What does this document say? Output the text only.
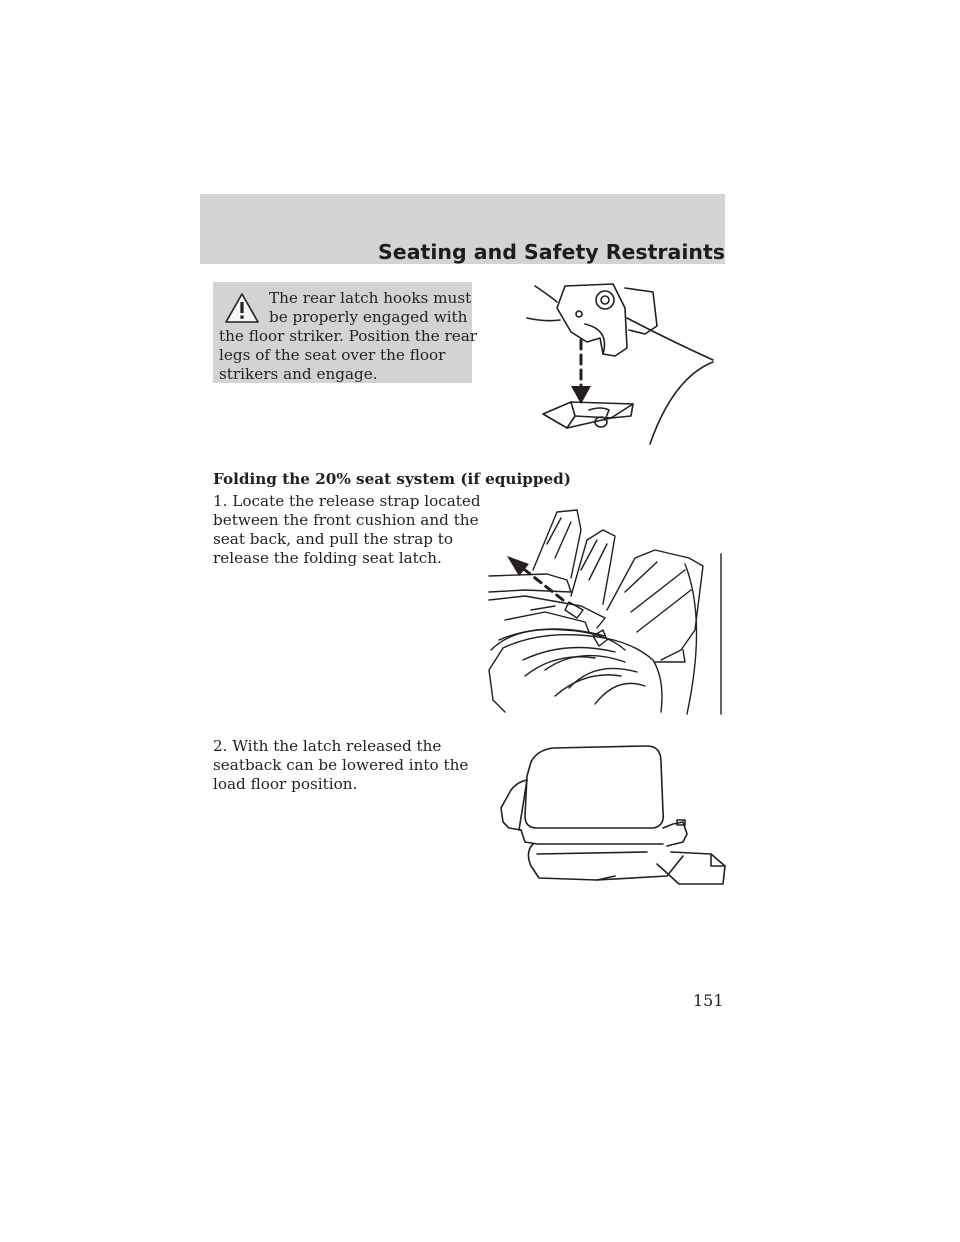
Seating and Safety Restraints
The rear latch hooks must
be properly engaged with
the floor striker. Position the rear
legs of the seat over the floor
strikers and engage.
Folding the 20% seat system (if equipped)
1. Locate the release strap located
between the front cushion and the
seat back, and pull the strap to
release the folding seat latch.
2. With the latch released the
seatback can be lowered into the
load floor position.
151
